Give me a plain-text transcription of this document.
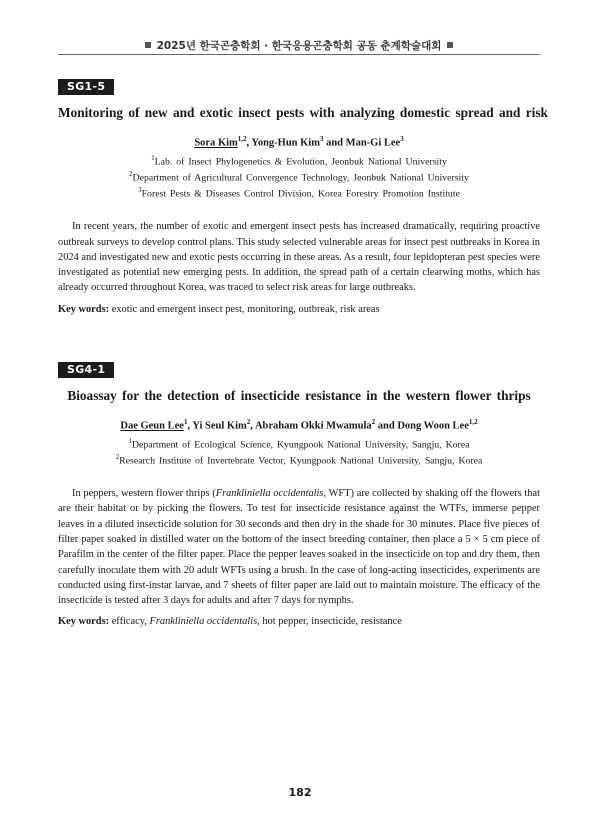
2025년 한국곤충학회 · 한국응용곤충학회 공동 춘계학술대회
SG1-5
Monitoring of new and exotic insect pests with analyzing domestic spread and risk
Sora Kim$^{1,2}$, Yong-Hun Kim$^3$ and Man-Gi Lee$^3$
$^1$Lab. of Insect Phylogenetics & Evolution, Jeonbuk National University
$^2$Department of Agricultural Convergence Technology, Jeonbuk National University
$^3$Forest Pests & Diseases Control Division, Korea Forestry Promotion Institute
In recent years, the number of exotic and emergent insect pests has increased dramatically, requiring proactive outbreak surveys to develop control plans. This study selected vulnerable areas for insect pest outbreaks in Korea in 2024 and investigated new and exotic pests occurring in these areas. As a result, four lepidopteran pest species were investigated as potential new emerging pests. In addition, the spread path of a certain clearwing moths, which has already occurred throughout Korea, was traced to select risk areas for large outbreaks.
Key words: exotic and emergent insect pest, monitoring, outbreak, risk areas
SG4-1
Bioassay for the detection of insecticide resistance in the western flower thrips
Dae Geun Lee$^1$, Yi Seul Kim$^2$, Abraham Okki Mwamula$^2$ and Dong Woon Lee$^{1,2}$
$^1$Department of Ecological Science, Kyungpook National University, Sangju, Korea
$^2$Research Institute of Invertebrate Vector, Kyungpook National University, Sangju, Korea
In peppers, western flower thrips (Frankliniella occidentalis, WFT) are collected by shaking off the flowers that are their habitat or by picking the flowers. To test for insecticide resistance against the WTFs, immerse pepper leaves in a diluted insecticide solution for 30 seconds and then dry in the shade for 30 minutes. Place five pieces of filter paper soaked in distilled water on the bottom of the insect breeding container, then place a 5 × 5 cm piece of Parafilm in the center of the filter paper. Place the pepper leaves soaked in the insecticide on top and dry them, then carefully inoculate them with 20 adult WFTs using a brush. In the case of long-acting insecticides, experiments are conducted using first-instar larvae, and 7 sheets of filter paper are laid out to maintain moisture. The efficacy of the insecticide is tested after 3 days for adults and after 7 days for nymphs.
Key words: efficacy, Frankliniella occidentalis, hot pepper, insecticide, resistance
182
